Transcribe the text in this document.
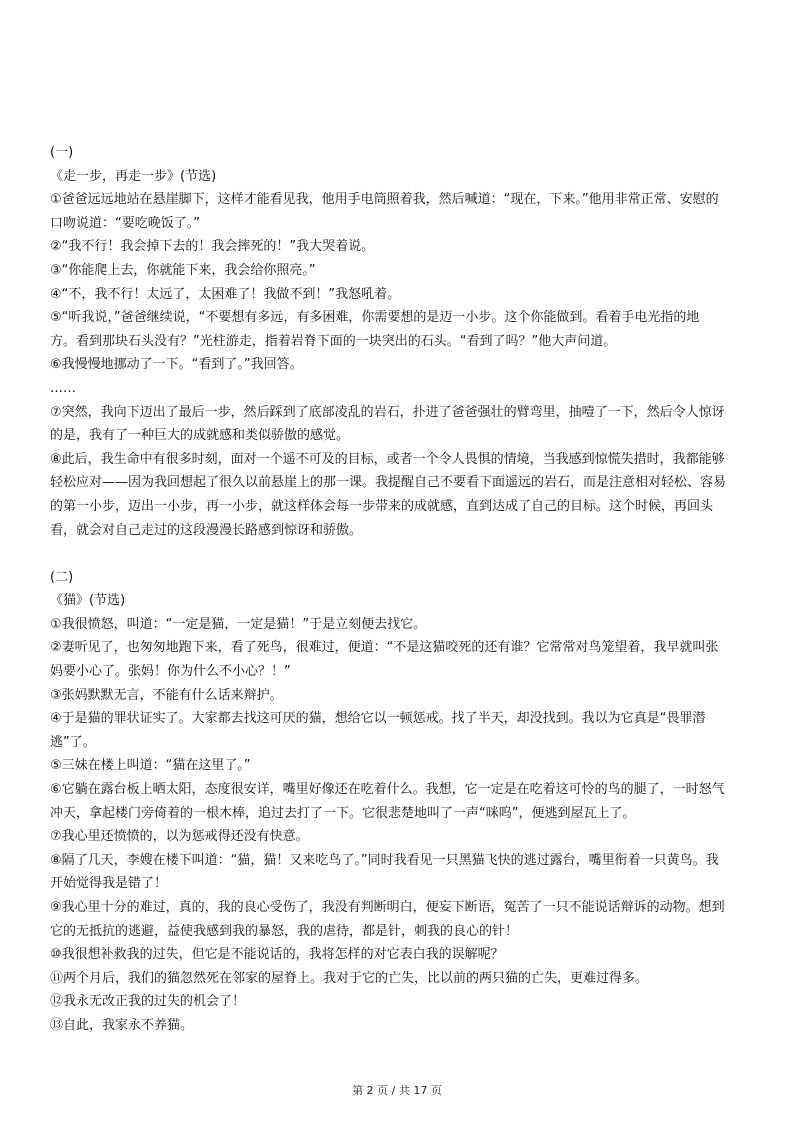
(一)
《走一步，再走一步》(节选)
①爸爸远远地站在悬崖脚下，这样才能看见我，他用手电筒照着我，然后喊道：“现在，下来。”他用非常正常、安慰的
口吻说道：“要吃晚饭了。”
②“我不行！我会掉下去的！我会摔死的！”我大哭着说。
③“你能爬上去，你就能下来，我会给你照亮。”
④“不，我不行！太远了，太困难了！我做不到！”我怒吼着。
⑤“听我说，”爸爸继续说，“不要想有多远，有多困难，你需要想的是迈一小步。这个你能做到。看着手电光指的地
方。看到那块石头没有？”光柱游走，指着岩脊下面的一块突出的石头。“看到了吗？”他大声问道。
⑥我慢慢地挪动了一下。“看到了。”我回答。
……
⑦突然，我向下迈出了最后一步，然后踩到了底部凌乱的岩石，扑进了爸爸强壮的臂弯里，抽噎了一下，然后令人惊讶
的是，我有了一种巨大的成就感和类似骄傲的感觉。
⑧此后，我生命中有很多时刻，面对一个遥不可及的目标，或者一个令人畏惧的情境，当我感到惊慌失措时，我都能够
轻松应对——因为我回想起了很久以前悬崖上的那一课。我提醒自己不要看下面遥远的岩石，而是注意相对轻松、容易
的第一小步，迈出一小步，再一小步，就这样体会每一步带来的成就感，直到达成了自己的目标。这个时候，再回头
看，就会对自己走过的这段漫漫长路感到惊讶和骄傲。
(二)
《猫》(节选)
①我很愤怒，叫道：“一定是猫，一定是猫！”于是立刻便去找它。
②妻听见了，也匆匆地跑下来，看了死鸟，很难过，便道：“不是这猫咬死的还有谁？它常常对鸟笼望着，我早就叫张
妈要小心了。张妈！你为什么不小心？！”
③张妈默默无言，不能有什么话来辩护。
④于是猫的罪状证实了。大家都去找这可厌的猫，想给它以一顿惩戒。找了半天，却没找到。我以为它真是“畏罪潜
逃”了。
⑤三妹在楼上叫道：“猫在这里了。”
⑥它躺在露台板上晒太阳，态度很安详，嘴里好像还在吃着什么。我想，它一定是在吃着这可怜的鸟的腿了，一时怒气
冲天，拿起楼门旁倚着的一根木棒，追过去打了一下。它很悲楚地叫了一声“咪呜”，便逃到屋瓦上了。
⑦我心里还愤愤的，以为惩戒得还没有快意。
⑧隔了几天，李嫂在楼下叫道：“猫，猫！又来吃鸟了。”同时我看见一只黑猫飞快的逃过露台，嘴里衔着一只黄鸟。我
开始觉得我是错了！
⑨我心里十分的难过，真的，我的良心受伤了，我没有判断明白，便妄下断语，冤苦了一只不能说话辩诉的动物。想到
它的无抵抗的逃避，益使我感到我的暴怒，我的虐待，都是针，刺我的良心的针！
⑩我很想补救我的过失，但它是不能说话的，我将怎样的对它表白我的误解呢？
⑪两个月后，我们的猫忽然死在邻家的屋脊上。我对于它的亡失，比以前的两只猫的亡失，更难过得多。
⑫我永无改正我的过失的机会了！
⑬自此，我家永不养猫。
第 2 页 / 共 17 页
